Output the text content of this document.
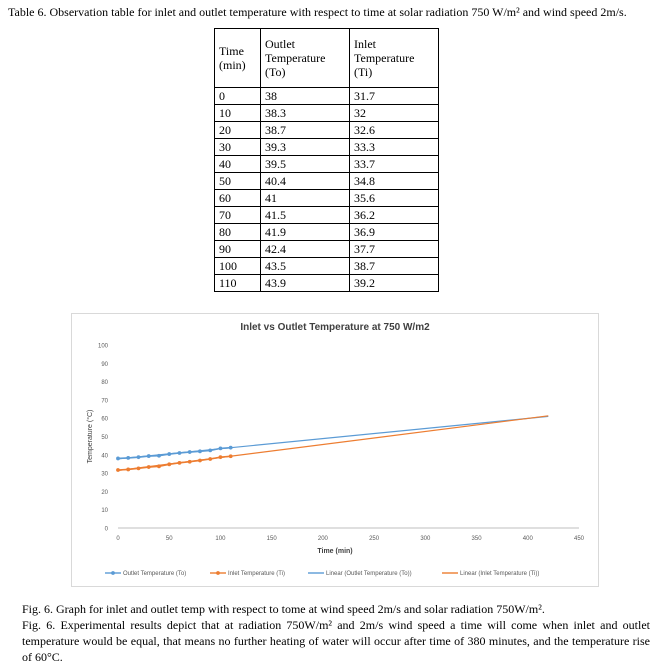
Table 6. Observation table for inlet and outlet temperature with respect to time at solar radiation 750 W/m² and wind speed 2m/s.
Time
(min)	Outlet
Temperature
(To)	Inlet
Temperature
(Ti)
0	38	31.7
10	38.3	32
20	38.7	32.6
30	39.3	33.3
40	39.5	33.7
50	40.4	34.8
60	41	35.6
70	41.5	36.2
80	41.9	36.9
90	42.4	37.7
100	43.5	38.7
110	43.9	39.2
Inlet vs Outlet Temperature at 750 W/m2
0
10
20
30
40
50
60
70
80
90
100
0	50	100	150	200	250	300	350	400	450
Time (min)
Temperature (°C)
Outlet Temperature (To)	Inlet Temperature (Ti)	Linear (Outlet Temperature (To))	Linear (Inlet Temperature (Ti))

Fig. 6. Graph for inlet and outlet temp with respect to tome at wind speed 2m/s and solar radiation 750W/m².

Fig. 6. Experimental results depict that at radiation 750W/m² and 2m/s wind speed a time will come when inlet and outlet temperature would be equal, that means no further heating of water will occur after time of 380 minutes, and the temperature rise of 60°C.
